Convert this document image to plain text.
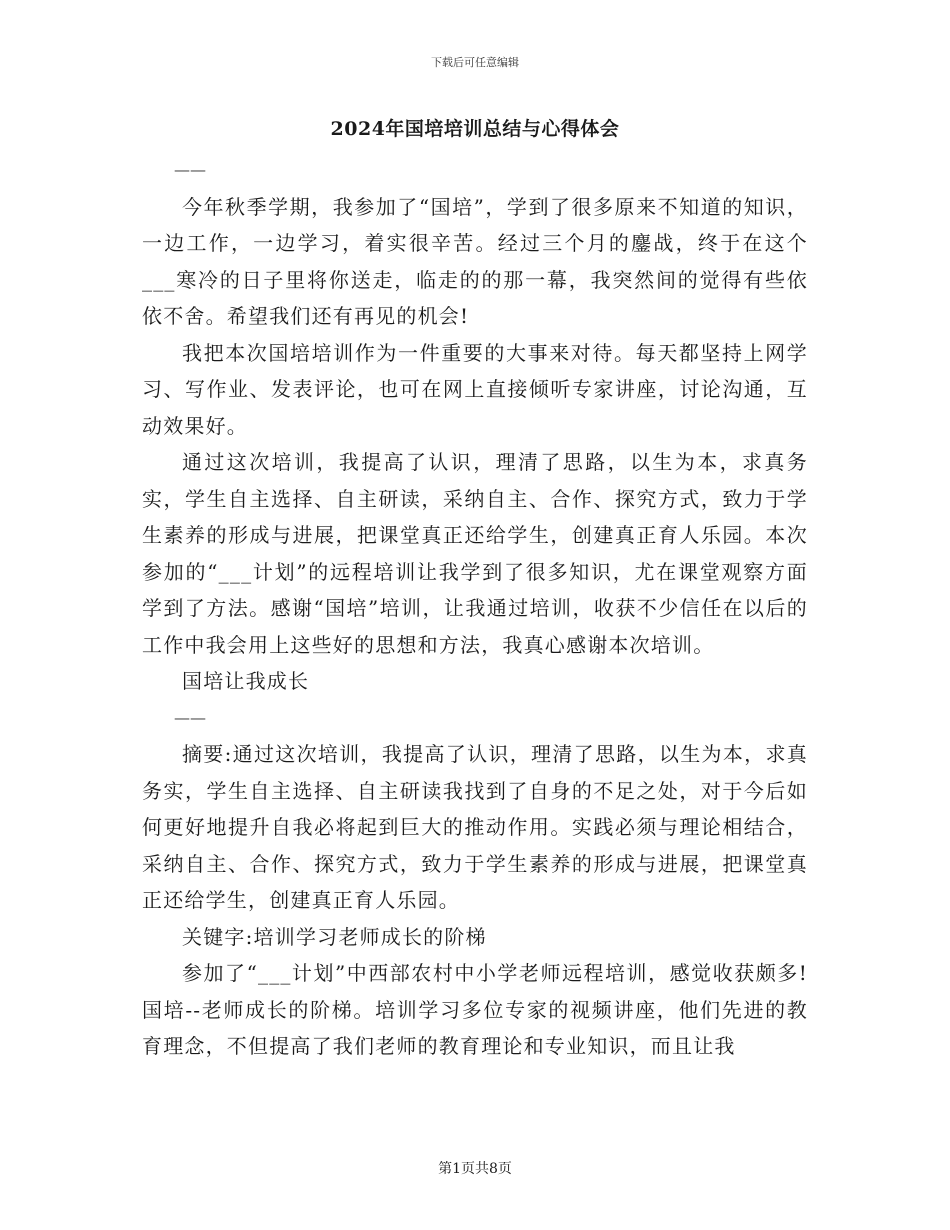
下载后可任意编辑
2024年国培培训总结与心得体会
——

今年秋季学期，我参加了“国培”，学到了很多原来不知道的知识，一边工作，一边学习，着实很辛苦。经过三个月的鏖战，终于在这个___寒冷的日子里将你送走，临走的的那一幕，我突然间的觉得有些依依不舍。希望我们还有再见的机会!

我把本次国培培训作为一件重要的大事来对待。每天都坚持上网学习、写作业、发表评论，也可在网上直接倾听专家讲座，讨论沟通，互动效果好。

通过这次培训，我提高了认识，理清了思路，以生为本，求真务实，学生自主选择、自主研读，采纳自主、合作、探究方式，致力于学生素养的形成与进展，把课堂真正还给学生，创建真正育人乐园。本次参加的“___计划”的远程培训让我学到了很多知识，尤在课堂观察方面学到了方法。感谢“国培”培训，让我通过培训，收获不少信任在以后的工作中我会用上这些好的思想和方法，我真心感谢本次培训。

国培让我成长

——

摘要:通过这次培训，我提高了认识，理清了思路，以生为本，求真务实，学生自主选择、自主研读我找到了自身的不足之处，对于今后如何更好地提升自我必将起到巨大的推动作用。实践必须与理论相结合，采纳自主、合作、探究方式，致力于学生素养的形成与进展，把课堂真正还给学生，创建真正育人乐园。

关键字:培训学习老师成长的阶梯

参加了“___计划”中西部农村中小学老师远程培训，感觉收获颇多!国培--老师成长的阶梯。培训学习多位专家的视频讲座，他们先进的教育理念，不但提高了我们老师的教育理论和专业知识，而且让我

第1页共8页
